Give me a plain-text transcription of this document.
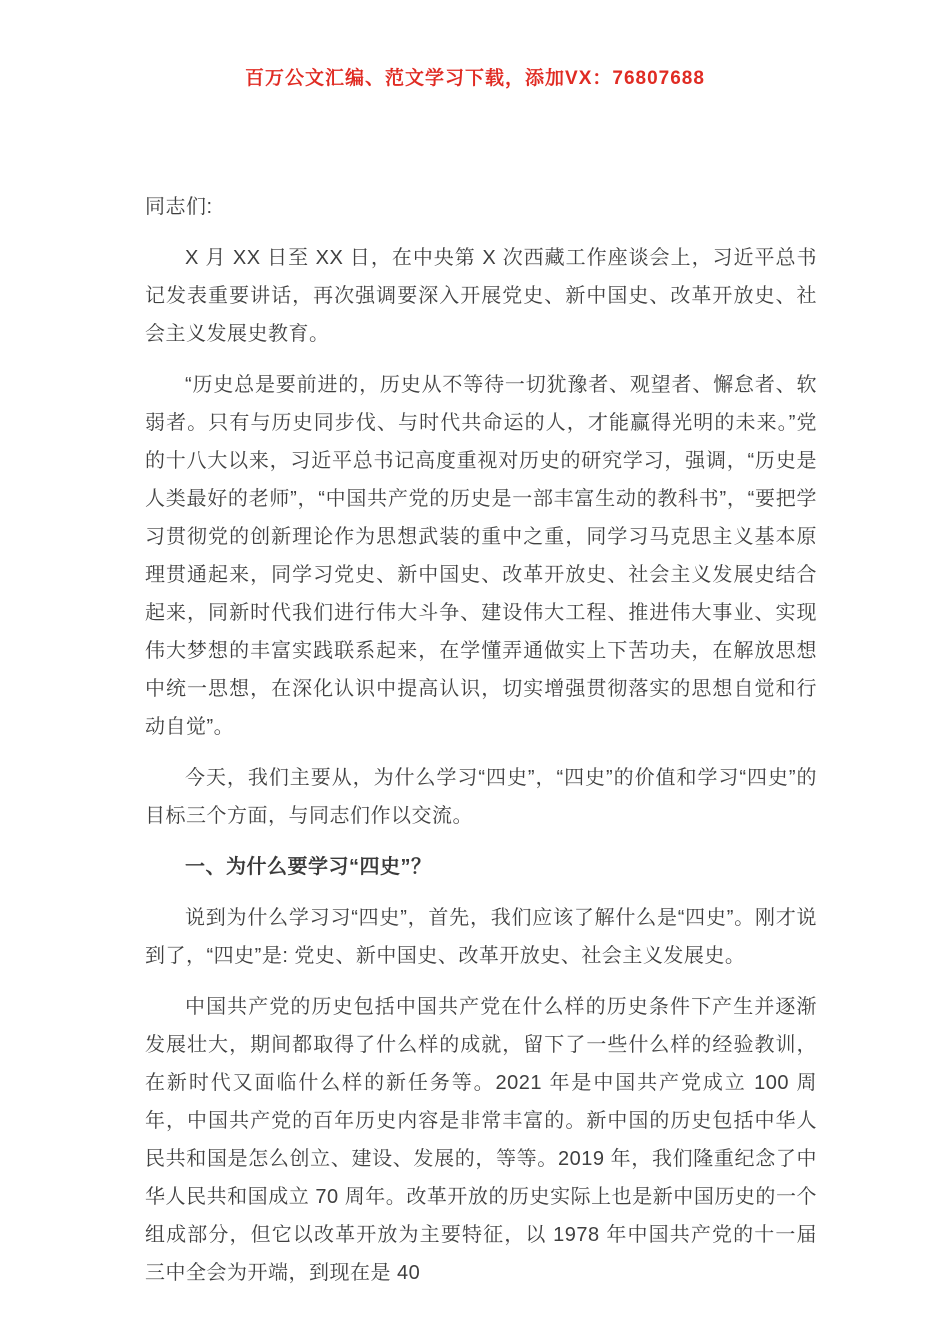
百万公文汇编、范文学习下载，添加VX：76807688

同志们:

X 月 XX 日至 XX 日，在中央第 X 次西藏工作座谈会上，习近平总书记发表重要讲话，再次强调要深入开展党史、新中国史、改革开放史、社会主义发展史教育。

“历史总是要前进的，历史从不等待一切犹豫者、观望者、懈怠者、软弱者。只有与历史同步伐、与时代共命运的人，才能赢得光明的未来。”党的十八大以来，习近平总书记高度重视对历史的研究学习，强调，“历史是人类最好的老师”，“中国共产党的历史是一部丰富生动的教科书”，“要把学习贯彻党的创新理论作为思想武装的重中之重，同学习马克思主义基本原理贯通起来，同学习党史、新中国史、改革开放史、社会主义发展史结合起来，同新时代我们进行伟大斗争、建设伟大工程、推进伟大事业、实现伟大梦想的丰富实践联系起来，在学懂弄通做实上下苦功夫，在解放思想中统一思想，在深化认识中提高认识，切实增强贯彻落实的思想自觉和行动自觉”。

今天，我们主要从，为什么学习“四史”，“四史”的价值和学习“四史”的目标三个方面，与同志们作以交流。

一、为什么要学习“四史”？

说到为什么学习习“四史”，首先，我们应该了解什么是“四史”。刚才说到了，“四史”是: 党史、新中国史、改革开放史、社会主义发展史。

中国共产党的历史包括中国共产党在什么样的历史条件下产生并逐渐发展壮大，期间都取得了什么样的成就，留下了一些什么样的经验教训，在新时代又面临什么样的新任务等。2021 年是中国共产党成立 100 周年，中国共产党的百年历史内容是非常丰富的。新中国的历史包括中华人民共和国是怎么创立、建设、发展的，等等。2019 年，我们隆重纪念了中华人民共和国成立 70 周年。改革开放的历史实际上也是新中国历史的一个组成部分，但它以改革开放为主要特征，以 1978 年中国共产党的十一届三中全会为开端，到现在是 40
